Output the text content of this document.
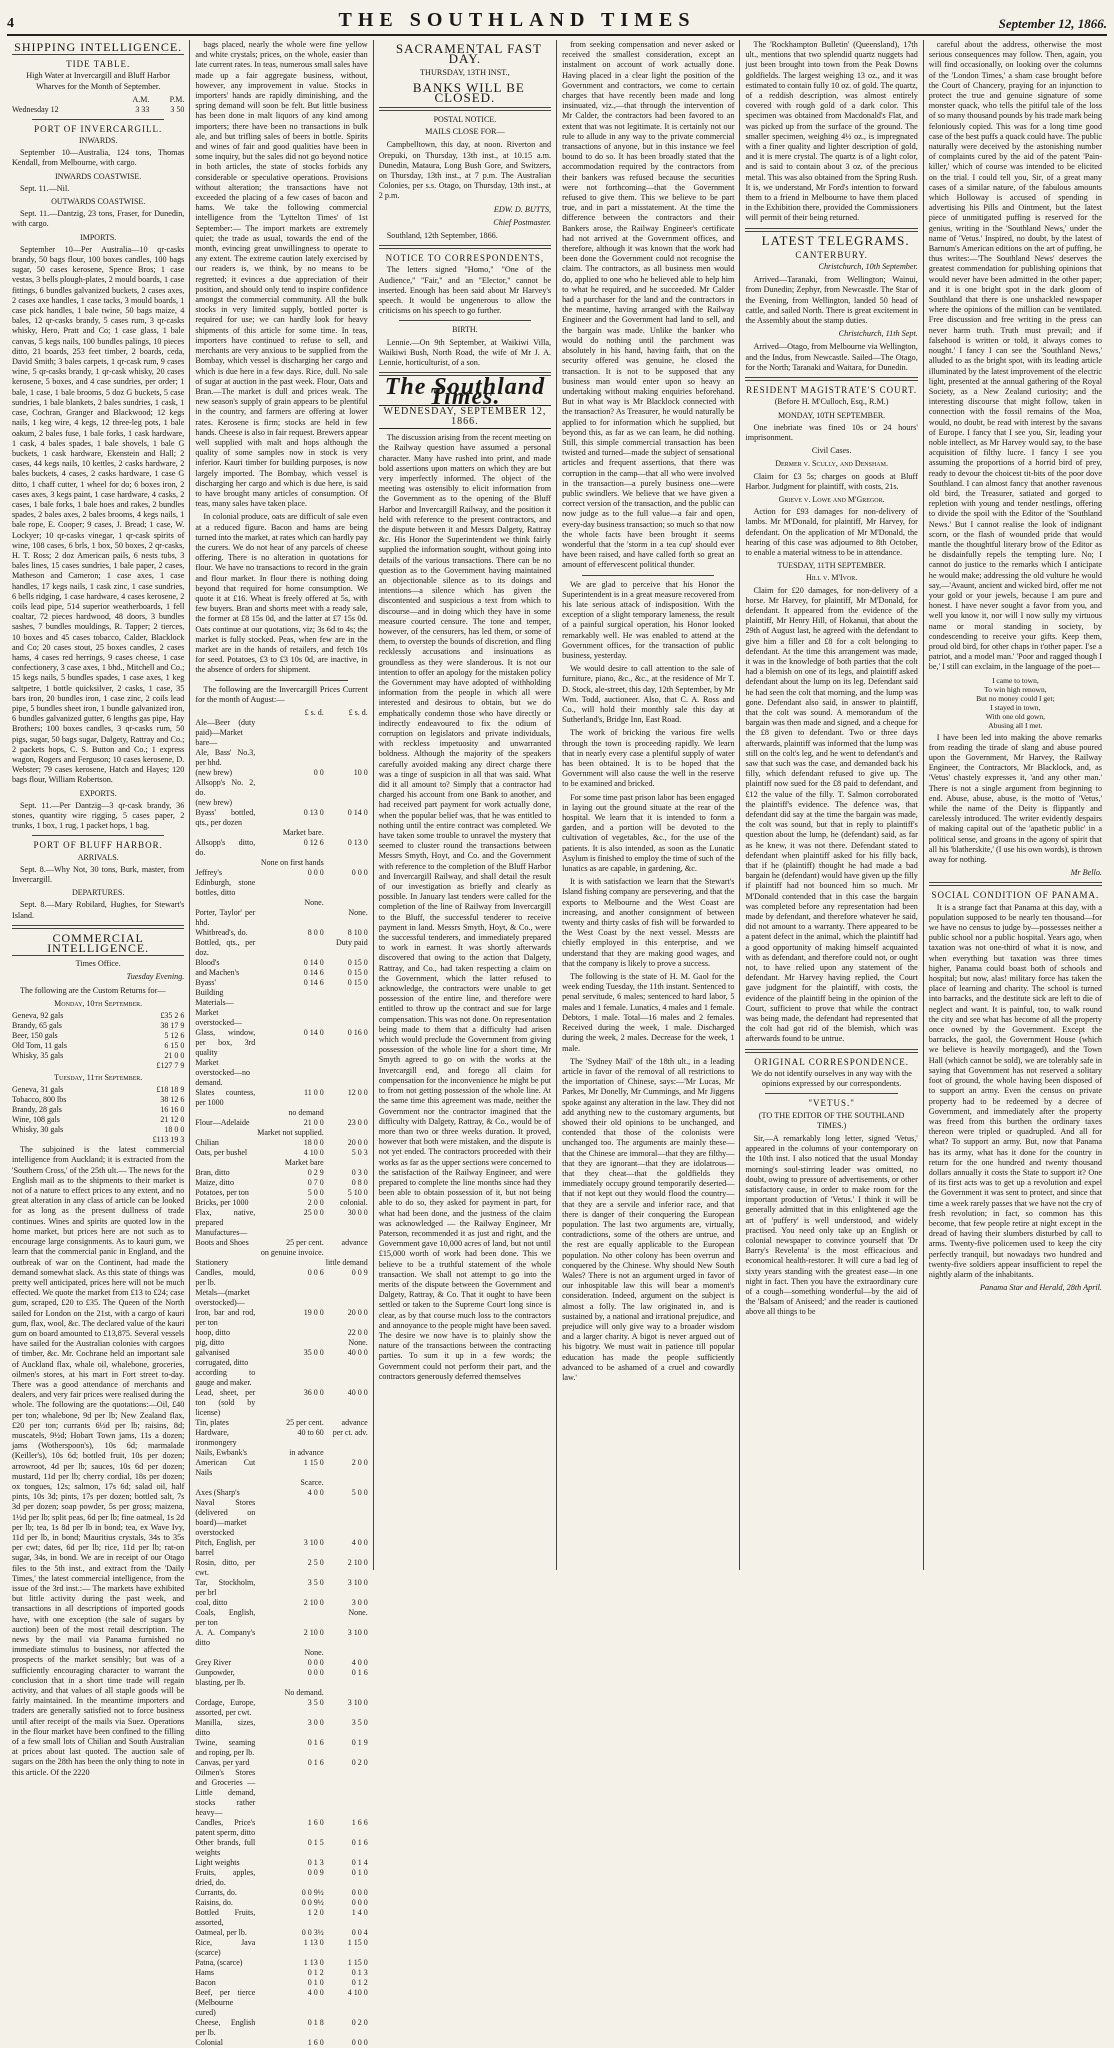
4	THE SOUTHLAND TIMES	September 12, 1866.
SHIPPING INTELLIGENCE.
TIDE TABLE.

High Water at Invercargill and Bluff Harbor Wharves for the Month of September.

	A.M.	P.M.
Wednesday 12	3 33	3 50
PORT OF INVERCARGILL.
INWARDS.

September 10—Australia, 124 tons, Thomas Kendall, from Melbourne, with cargo.

INWARDS COASTWISE.

Sept. 11.—Nil.

OUTWARDS COASTWISE.

Sept. 11.—Dantzig, 23 tons, Fraser, for Dunedin, with cargo.

IMPORTS.

September 10—Per Australia—10 qr-casks brandy, 50 bags flour, 100 boxes candles, 100 bags sugar, 50 cases kerosene, Spence Bros; 1 case vestas, 3 bells plough-plates, 2 mould boards, 1 case fittings, 6 bundles galvanized buckets, 2 cases axes, 2 cases axe handles, 1 case tacks, 3 mould boards, 1 case pick handles, 1 bale twine, 50 bags maize, 4 bales, 12 qr-casks brandy, 5 cases rum, 3 qr-casks whisky, Hero, Pratt and Co; 1 case glass, 1 bale canvas, 5 kegs nails, 100 bundles palings, 10 pieces ditto, 21 boards, 253 feet timber, 2 boards, ceda, David Smith; 3 bales carpets, 1 qr-cask rum, 9 cases wine, 5 qr-casks brandy, 1 qr-cask whisky, 20 cases kerosene, 5 boxes, and 4 case sundries, per order; 1 bale, 1 case, 1 bale brooms, 5 doz G buckets, 5 case sundries, 1 bale blankets, 2 bales sundries, 1 cask, 1 case, Cochran, Granger and Blackwood; 12 kegs nails, 1 keg wire, 4 kegs, 12 three-leg pots, 1 bale oakum, 2 bales fuse, 1 bale forks, 1 cask hardware, 1 cask, 4 bales spades, 1 bale shovels, 1 bale G buckets, 1 cask hardware, Ekenstein and Hall; 2 cases, 44 kegs nails, 10 kettles, 2 casks hardware, 2 bales buckets, 4 cases, 2 casks hardware, 1 case G ditto, 1 chaff cutter, 1 wheel for do; 6 boxes iron, 2 cases axes, 3 kegs paint, 1 case hardware, 4 casks, 2 cases, 1 bale forks, 1 bale hoes and rakes, 2 bundles spades, 2 bales axes, 2 bales brooms, 4 kegs nails, 1 bale rope, E. Cooper; 9 cases, J. Bread; 1 case, W. Lockyer; 10 qr-casks vinegar, 1 qr-cask spirits of wine, 108 cases, 6 brls, 1 box, 50 boxes, 2 qr-casks, H. T. Ross; 2 doz American pails, 6 nests tubs, 3 bales lines, 15 cases sundries, 1 bale paper, 2 cases, Matheson and Cameron; 1 case axes, 1 case handles, 17 kegs nails, 1 cask zinc, 1 case sundries, 6 bells ridging, 1 case hardware, 4 cases kerosene, 2 coils lead pipe, 514 superior weatherboards, 1 fell coaltar, 72 pieces hardwood, 48 doors, 3 bundles sashes, 7 bundles mouldings, R. Tapper; 2 tierces, 10 boxes and 45 cases tobacco, Calder, Blacklock and Co; 20 cases stout, 25 boxes candles, 2 cases hams, 4 cases red herrings, 9 cases cheese, 1 case confectionery, 3 case axes, 1 bhd., Mitchell and Co.; 15 kegs nails, 5 bundles spades, 1 case axes, 1 keg saltpetre, 1 bottle quicksilver, 2 casks, 1 case, 35 bars iron, 20 bundles iron, 1 case zinc, 2 coils lead pipe, 5 bundles sheet iron, 1 bundle galvanized iron, 6 bundles galvanized gutter, 6 lengths gas pipe, Hay Brothers; 100 boxes candles, 3 qr-casks rum, 50 pigs, sugar, 50 bags sugar, Dalgety, Rattray and Co.; 2 packets hops, C. S. Button and Co.; 1 express wagon, Rogers and Ferguson; 10 cases kerosene, D. Webster; 79 cases kerosene, Hatch and Hayes; 120 bags flour, William Robertson.

EXPORTS.

Sept. 11.—Per Dantzig—3 qr-cask brandy, 36 stones, quantity wire rigging, 5 cases paper, 2 trunks, 1 box, 1 rug, 1 packet hops, 1 bag.

PORT OF BLUFF HARBOR.
ARRIVALS.

Sept. 8.—Why Not, 30 tons, Burk, master, from Invercargill.

DEPARTURES.

Sept. 8.—Mary Robilard, Hughes, for Stewart's Island.

COMMERCIAL INTELLIGENCE.

Times Office.

Tuesday Evening.

The following are the Custom Returns for—

Monday, 10th September.
Geneva, 92 gals	£35 2 6
Brandy, 65 gals	38 17 9
Beer, 150 gals	5 12 6
Old Tom, 11 gals	6 15 0
Whisky, 35 gals	21 0 0
	£127 7 9
Tuesday, 11th September.
Geneva, 31 gals	£18 18 9
Tobacco, 800 lbs	38 12 6
Brandy, 28 gals	16 16 0
Wine, 108 gals	21 12 0
Whisky, 30 gals	18 0 0
	£113 19 3

The subjoined is the latest commercial intelligence from Auckland; it is extracted from the 'Southern Cross,' of the 25th ult.— The news for the English mail as to the shipments to their market is not of a nature to effect prices to any extent, and no great alteration in any class of article can be looked for as long as the present dullness of trade continues. Wines and spirits are quoted low in the home market, but prices here are not such as to encourage large consignments. As to kauri gum, we learn that the commercial panic in England, and the outbreak of war on the Continent, had made the demand somewhat slack. As this state of things was pretty well anticipated, prices here will not be much effected. We quote the market from £13 to £24; case gum, scraped, £20 to £35. The Queen of the North sailed for London on the 21st, with a cargo of kauri gum, flax, wool, &c. The declared value of the kauri gum on board amounted to £13,875. Several vessels have sailed for the Australian colonies with cargoes of timber, &c. Mr. Cochrane held an important sale of Auckland flax, whale oil, whalebone, groceries, oilmen's stores, at his mart in Fort street to-day. There was a good attendance of merchants and dealers, and very fair prices were realised during the whole. The following are the quotations:—Oil, £40 per ton; whalebone, 9d per lb; New Zealand flax, £20 per ton; currants 6½d per lb; raisins, 8d; muscatels, 9½d; Hobart Town jams, 11s a dozen; jams (Wotherspoon's), 10s 6d; marmalade (Keiller's), 10s 6d; bottled fruit, 10s per dozen; arrowroot, 4d per lb; sauces, 10s 6d per dozen; mustard, 11d per lb; cherry cordial, 18s per dozen; ox tongues, 12s; salmon, 17s 6d; salad oil, half pints, 10s 3d; pints, 17s per dozen; bottled salt, 7s 3d per dozen; soap powder, 5s per gross; maizena, 1½d per lb; split peas, 6d per lb; fine oatmeal, 1s 2d per lb; tea, 1s 8d per lb in bond; tea, ex Wave Ivy, 11d per lb, in bond; Mauritius crystals, 34s to 35s per cwt; dates, 6d per lb; rice, 11d per lb; rat-on sugar, 34s, in bond. We are in receipt of our Otago files to the 5th inst., and extract from the 'Daily Times,' the latest commercial intelligence, from the issue of the 3rd inst.:— The markets have exhibited but little activity during the past week, and transactions in all descriptions of imported goods have, with one exception (the sale of sugars by auction) been of the most retail description. The news by the mail via Panama furnished no immediate stimulus to business, nor affected the prospects of the market sensibly; but was of a sufficiently encouraging character to warrant the conclusion that in a short time trade will regain activity, and that values of all staple goods will be fairly maintained. In the meantime importers and traders are generally satisfied not to force business until after receipt of the mails via Suez. Operations in the flour market have been confined to the filling of a few small lots of Chilian and South Australian at prices about last quoted. The auction sale of sugars on the 28th has been the only thing to note in this article. Of the 2220

bags placed, nearly the whole were fine yellow and white crystals; prices, on the whole, easier than late current rates. In teas, numerous small sales have made up a fair aggregate business, without, however, any improvement in value. Stocks in importers' hands are rapidly diminishing, and the spring demand will soon be felt. But little business has been done in malt liquors of any kind among importers; there have been no transactions in bulk ale, and but trifling sales of beers in bottle. Spirits and wines of fair and good qualities have been in some inquiry, but the sales did not go beyond notice in both articles, the state of stocks forbids any considerable or speculative operations. Provisions without alteration; the transactions have not exceeded the placing of a few cases of bacon and hams. We take the following commercial intelligence from the 'Lyttelton Times' of 1st September:— The import markets are extremely quiet; the trade as usual, towards the end of the month, evincing great unwillingness to operate to any extent. The extreme caution lately exercised by our readers is, we think, by no means to be regretted; it evinces a due appreciation of their position, and should only tend to inspire confidence amongst the commercial community. All the bulk stocks in very limited supply, bottled porter is required for use; we can hardly look for heavy shipments of this article for some time. In teas, importers have continued to refuse to sell, and merchants are very anxious to be supplied from the Bombay, which vessel is discharging her cargo and which is due here in a few days. Rice, dull. No sale of sugar at auction in the past week. Flour, Oats and Bran.—The market is dull and prices weak. The new season's supply of grain appears to be plentiful in the country, and farmers are offering at lower rates. Kerosene is firm; stocks are held in few hands. Cheese is also in fair request. Brewers appear well supplied with malt and hops although the quality of some samples now in stock is very inferior. Kauri timber for building purposes, is now largely imported. The Bombay, which vessel is discharging her cargo and which is due here, is said to have brought many articles of consumption. Of teas, many sales have taken place.

In colonial produce, oats are difficult of sale even at a reduced figure. Bacon and hams are being turned into the market, at rates which can hardly pay the curers. We do not hear of any parcels of cheese offering. There is no alteration in quotations for flour. We have no transactions to record in the grain and flour market. In flour there is nothing doing beyond that required for home consumption. We quote it at £16. Wheat is freely offered at 5s, with few buyers. Bran and shorts meet with a ready sale, the former at £8 15s 0d, and the latter at £7 15s 0d. Oats continue at our quotations, viz; 3s 6d to 4s; the market is fully stocked. Peas, when few are in the market are in the hands of retailers, and fetch 10s for seed. Potatoes, £3 to £3 10s 0d, are inactive, in the absence of orders for shipment.

The following are the Invercargill Prices Current for the month of August:—

	£ s. d.	£ s. d.
Ale—Beer (duty paid)—Market bare—		
Ale, Bass' No.3, per hhd.		
(new brew)	0 0	10 0
Allsopp's No. 2, do.		
(new brew)		
Byass' bottled, qts., per dozen	0 13 0	0 14 0
	Market bare.	
Allsopp's ditto, do.	0 12 6	0 13 0
	None on first hands	
Jeffrey's Edinburgh, stone bottles, ditto	0 0 0	0 0 0
	None.	
Porter, Taylor' per hhd.		None.
Whitbread's, do.	8 0 0	8 10 0
Bottled, qts., per doz.		Duty paid
Blood's	0 14 0	0 15 0
and Machen's	0 14 6	0 15 0
Byass'	0 14 6	0 15 0
Building Materials—Market overstocked—		
Glass, window, per box, 3rd quality	0 14 0	0 16 0
Market overstocked—no demand.		
Slates countess, per 1000	11 0 0	12 0 0
	no demand	
Flour—Adelaide	21 0 0	23 0 0
	Market not supplied.	
Chilian	18 0 0	20 0 0
Oats, per bushel	4 10 0	5 0 3
	Market bare	
Bran, ditto	0 2 9	0 3 0
Maize, ditto	0 7 0	0 8 0
Potatoes, per ton	5 0 0	5 10 0
Bricks, per 1000	2 0 0	colonial.
Flax, native, prepared	25 0 0	30 0 0
Manufactures—		
Boots and Shoes	25 per cent.	advance
	on genuine invoice.	
Stationery		little demand
Candles, mould, per lb.	0 0 6	0 0 9
Metals—(market overstocked)—		
Iron, bar and rod, per ton	19 0 0	20 0 0
hoop, ditto		22 0 0
pig, ditto		None.
galvanised corrugated, ditto	35 0 0	40 0 0
according to gauge and maker.		
Lead, sheet, per ton (sold by license)	36 0 0	40 0 0
Tin, plates	25 per cent.	advance
Hardware, ironmongery	40 to 60	per ct. adv.
Nails, Ewbank's	in advance	
American Cut Nails	1 15 0	2 0 0
	Scarce.	
Axes (Sharp's	4 0 0	5 0 0
Naval Stores (delivered on board)—market overstocked		
Pitch, English, per barrel	3 10 0	4 0 0
Rosin, ditto, per cwt.	2 5 0	2 10 0
Tar, Stockholm, per brl	3 5 0	3 10 0
coal, ditto	2 10 0	3 0 0
Coals, English, per ton		None.
A. A. Company's ditto	2 10 0	3 10 0
	None.	
Grey River	0 0 0	4 0 0
Gunpowder, blasting, per lb.	0 0 0	0 1 6
	No demand.	
Cordage, Europe, assorted, per cwt.	3 5 0	3 10 0
Manilla, sizes, ditto	3 0 0	3 5 0
Twine, seaming and roping, per lb.	0 1 6	0 1 9
Canvas, per yard	0 1 6	0 2 0
Oilmen's Stores and Groceries — Little demand, stocks rather heavy—		
Candles, Price's patent sperm, ditto	1 6 0	1 6 6
Other brands, full weights	0 1 5	0 1 6
Light weights	0 1 3	0 1 4
Fruits, apples, dried, do.	0 0 9	0 1 0
Currants, do.	0 0 9½	0 0 0
Raisins, do.	0 0 9½	0 0 0
Bottled Fruits, assorted,	1 2 0	1 4 0
Oatmeal, per lb.	0 0 3½	0 0 4
Rice, Java (scarce)	1 13 0	1 15 0
Patna, (scarce)	1 13 0	1 15 0
Hams	0 1 2	0 1 3
Bacon	0 1 0	0 1 2
Beef, per tierce (Melbourne cured)	4 0 0	4 10 0
Cheese, English per lb.	0 1 8	0 2 0
Colonial	1 6 0	0 0 0

SACRAMENTAL FAST DAY.

THURSDAY, 13TH INST.,

BANKS WILL BE CLOSED.

POSTAL NOTICE.

MAILS CLOSE FOR—

Campbelltown, this day, at noon. Riverton and Orepuki, on Thursday, 13th inst., at 10.15 a.m. Dunedin, Mataura, Long Bush Gore, and Switzers, on Thursday, 13th inst., at 7 p.m. The Australian Colonies, per s.s. Otago, on Thursday, 13th inst., at 2 p.m.

EDW. D. BUTTS,

Chief Postmaster.

Southland, 12th September, 1866.

NOTICE TO CORRESPONDENTS,

The letters signed "Homo," "One of the Audience," "Fair," and an "Elector," cannot be inserted. Enough has been said about Mr Harvey's speech. It would be ungenerous to allow the criticisms on his speech to go further.

BIRTH.

Lennie.—On 9th September, at Waikiwi Villa, Waikiwi Bush, North Road, the wife of Mr J. A. Lennie, horticulturist, of a son.

The Southland Times.
WEDNESDAY, SEPTEMBER 12, 1866.

The discussion arising from the recent meeting on the Railway question have assumed a personal character. Many have rushed into print, and made bold assertions upon matters on which they are but very imperfectly informed. The object of the meeting was ostensibly to elicit information from the Government as to the opening of the Bluff Harbor and Invercargill Railway, and the position it held with reference to the present contractors, and the dispute between it and Messrs Dalgety, Rattray &c. His Honor the Superintendent we think fairly supplied the information sought, without going into details of the various transactions. There can be no question as to the Government having maintained an objectionable silence as to its doings and intentions—a silence which has given the discontented and suspicious a text from which to discourse—and in doing which they have in some measure courted censure. The tone and temper, however, of the censurers, has led them, or some of them, to overstep the bounds of discretion, and fling recklessly accusations and insinuations as groundless as they were slanderous. It is not our intention to offer an apology for the mistaken policy the Government may have adopted of withholding information from the people in which all were interested and desirous to obtain, but we do emphatically condemn those who have directly or indirectly endeavoured to fix the odium of corruption on legislators and private individuals, with reckless impetuosity and unwarranted boldness. Although the majority of the speakers carefully avoided making any direct charge there was a tinge of suspicion in all that was said. What did it all amount to? Simply that a contractor had charged his account from one Bank to another, and had received part payment for work actually done, when the popular belief was, that he was entitled to nothing until the entire contract was completed. We have taken some trouble to unravel the mystery that seemed to cluster round the transactions between Messrs Smyth, Hoyt, and Co. and the Government with reference to the completion of the Bluff Harbor and Invercargill Railway, and shall detail the result of our investigation as briefly and clearly as possible. In January last tenders were called for the completion of the line of Railway from Invercargill to the Bluff, the successful tenderer to receive payment in land. Messrs Smyth, Hoyt, & Co., were the successful tenderers, and immediately prepared to work in earnest. It was shortly afterwards discovered that owing to the action that Dalgety, Rattray, and Co., had taken respecting a claim on the Government, which the latter refused to acknowledge, the contractors were unable to get possession of the entire line, and therefore were entitled to throw up the contract and sue for large compensation. This was not done. On representation being made to them that a difficulty had arisen which would preclude the Government from giving possession of the whole line for a short time, Mr Smyth agreed to go on with the works at the Invercargill end, and forego all claim for compensation for the inconvenience he might be put to from not getting possession of the whole line. At the same time this agreement was made, neither the Government nor the contractor imagined that the difficulty with Dalgety, Rattray, & Co., would be of more than two or three weeks duration. It proved, however that both were mistaken, and the dispute is not yet ended. The contractors proceeded with their works as far as the upper sections were concerned to the satisfaction of the Railway Engineer, and were prepared to complete the line months since had they been able to obtain possession of it, but not being able to do so, they asked for payment in part, for what had been done, and the justness of the claim was acknowledged — the Railway Engineer, Mr Paterson, recommended it as just and right, and the Government gave 10,000 acres of land, but not until £15,000 worth of work had been done. This we believe to be a truthful statement of the whole transaction. We shall not attempt to go into the merits of the dispute between the Government and Dalgety, Rattray, & Co. That it ought to have been settled or taken to the Supreme Court long since is clear, as by that course much loss to the contractors and annoyance to the people might have been saved. The desire we now have is to plainly show the nature of the transactions between the contracting parties. To sum it up in a few words; the Government could not perform their part, and the contractors generously deferred themselves

from seeking compensation and never asked or received the smallest consideration, except an instalment on account of work actually done. Having placed in a clear light the position of the Government and contractors, we come to certain charges that have recently been made and long insinuated, viz.,—that through the intervention of Mr Calder, the contractors had been favored to an extent that was not legitimate. It is certainly not our rule to allude in any way to the private commercial transactions of anyone, but in this instance we feel bound to do so. It has been broadly stated that the accommodation required by the contractors from their bankers was refused because the securities were not forthcoming—that the Government refused to give them. This we believe to be part true, and in part a misstatement. At the time the difference between the contractors and their Bankers arose, the Railway Engineer's certificate had not arrived at the Government offices, and therefore, although it was known that the work had been done the Government could not recognise the claim. The contractors, as all business men would do, applied to one who he believed able to help him to what he required, and he succeeded. Mr Calder had a purchaser for the land and the contractors in the meantime, having arranged with the Railway Engineer and the Government had land to sell, and the bargain was made. Unlike the banker who would do nothing until the parchment was absolutely in his hand, having faith, that on the security offered was genuine, he closed the transaction. It is not to be supposed that any business man would enter upon so heavy an undertaking without making enquiries beforehand. But in what way is Mr Blacklock connected with the transaction? As Treasurer, he would naturally be applied to for information which he supplied, but beyond this, as far as we can learn, he did nothing. Still, this simple commercial transaction has been twisted and turned—made the subject of sensational articles and frequent assertions, that there was corruption in the camp—that all who were involved in the transaction—a purely business one—were public swindlers. We believe that we have given a correct version of the transaction, and the public can now judge as to the full value—a fair and open, every-day business transaction; so much so that now the whole facts have been brought it seems wonderful that the 'storm in a tea cup' should ever have been raised, and have called forth so great an amount of effervescent political thunder.

We are glad to perceive that his Honor the Superintendent is in a great measure recovered from his late serious attack of indisposition. With the exception of a slight temporary lameness, the result of a painful surgical operation, his Honor looked remarkably well. He was enabled to attend at the Government offices, for the transaction of public business, yesterday.

We would desire to call attention to the sale of furniture, piano, &c., &c., at the residence of Mr T. D. Stock, ale-street, this day, 12th September, by Mr Wm. Todd, auctioneer. Also, that C. A. Ross and Co., will hold their monthly sale this day at Sutherland's, Bridge Inn, East Road.

The work of bricking the various fire wells through the town is proceeding rapidly. We learn that in nearly every case a plentiful supply of water has been obtained. It is to be hoped that the Government will also cause the well in the reserve to be examined and bricked.

For some time past prison labor has been engaged in laying out the ground situate at the rear of the hospital. We learn that it is intended to form a garden, and a portion will be devoted to the cultivation of vegetables, &c., for the use of the patients. It is also intended, as soon as the Lunatic Asylum is finished to employ the time of such of the lunatics as are capable, in gardening, &c.

It is with satisfaction we learn that the Stewart's Island fishing company are persevering, and that the exports to Melbourne and the West Coast are increasing, and another consignment of between twenty and thirty casks of fish will be forwarded to the West Coast by the next vessel. Messrs are chiefly employed in this enterprise, and we understand that they are making good wages, and that the company is likely to prove a success.

The following is the state of H. M. Gaol for the week ending Tuesday, the 11th instant. Sentenced to penal servitude, 6 males; sentenced to hard labor, 5 males and 1 female. Lunatics, 4 males and 1 female. Debtors, 1 male. Total—16 males and 2 females. Received during the week, 1 male. Discharged during the week, 2 males. Decrease for the week, 1 male.

The 'Sydney Mail' of the 18th ult., in a leading article in favor of the removal of all restrictions to the importation of Chinese, says:—'Mr Lucas, Mr Parkes, Mr Donelly, Mr Cummings, and Mr Jiggens spoke against any alteration in the law. They did not add anything new to the customary arguments, but showed their old opinions to be unchanged, and contended that those of the colonists were unchanged too. The arguments are mainly these—that the Chinese are immoral—that they are filthy—that they are ignorant—that they are idolatrous—that they cheat—that the goldfields they immediately occupy ground temporarily deserted—that if not kept out they would flood the country—that they are a servile and inferior race, and that there is danger of their conquering the European population. The last two arguments are, virtually, contradictions, some of the others are untrue, and the rest are equally applicable to the European population. No other colony has been overrun and conquered by the Chinese. Why should New South Wales? There is not an argument urged in favor of our inhospitable law this will bear a moment's consideration. Indeed, argument on the subject is almost a folly. The law originated in, and is sustained by, a national and irrational prejudice, and prejudice will only give way to a broader wisdom and a larger charity. A bigot is never argued out of his bigotry. We must wait in patience till popular education has made the people sufficiently advanced to be ashamed of a cruel and cowardly law.'

The 'Rockhampton Bulletin' (Queensland), 17th ult., mentions that two splendid quartz nuggets had just been brought into town from the Peak Downs goldfields. The largest weighing 13 oz., and it was estimated to contain fully 10 oz. of gold. The quartz, of a reddish description, was almost entirely covered with rough gold of a dark color. This specimen was obtained from Macdonald's Flat, and was picked up from the surface of the ground. The smaller specimen, weighing 4½ oz., is impregnated with a finer quality and lighter description of gold, and it is mere crystal. The quartz is of a light color, and is said to contain about 3 oz. of the precious metal. This was also obtained from the Spring Rush. It is, we understand, Mr Ford's intention to forward them to a friend in Melbourne to have them placed in the Exhibition there, provided the Commissioners will permit of their being returned.

LATEST TELEGRAMS.

CANTERBURY.

Christchurch, 10th September.

Arrived—Taranaki, from Wellington; Wainui, from Dunedin; Zephyr, from Newcastle. The Star of the Evening, from Wellington, landed 50 head of cattle, and sailed North. There is great excitement in the Assembly about the stamp duties.

Christchurch, 11th Sept.

Arrived—Otago, from Melbourne via Wellington, and the Indus, from Newcastle. Sailed—The Otago, for the North; Taranaki and Waitara, for Dunedin.

RESIDENT MAGISTRATE'S COURT.

(Before H. M'Culloch, Esq., R.M.)

MONDAY, 10TH SEPTEMBER.

One inebriate was fined 10s or 24 hours' imprisonment.

Civil Cases.

Dermer v. Scully, and Densham.

Claim for £3 5s; charges on goods at Bluff Harbor. Judgment for plaintiff, with costs, 21s.

Grieve v. Lowe and M'Gregor.

Action for £93 damages for non-delivery of lambs. Mr M'Donald, for plaintiff, Mr Harvey, for defendant. On the application of Mr M'Donald, the hearing of this case was adjourned to 8th October, to enable a material witness to be in attendance.

TUESDAY, 11TH SEPTEMBER.
Hill v. M'Ivor.

Claim for £20 damages, for non-delivery of a horse. Mr Harvey, for plaintiff, Mr M'Donald, for defendant. It appeared from the evidence of the plaintiff, Mr Henry Hill, of Hokanui, that about the 29th of August last, he agreed with the defendant to give him a filler and £8 for a colt belonging to defendant. At the time this arrangement was made, it was in the knowledge of both parties that the colt had a blemish on one of its legs, and plaintiff asked defendant about the lump on its leg. Defendant said he had seen the colt that morning, and the lump was gone. Defendant also said, in answer to plaintiff, that the colt was sound. A memorandum of the bargain was then made and signed, and a cheque for the £8 given to defendant. Two or three days afterwards, plaintiff was informed that the lump was still on the colt's leg, and he went to defendant's and saw that such was the case, and demanded back his filly, which defendant refused to give up. The plaintiff now sued for the £8 paid to defendant, and £12 the value of the filly. T. Salmon corroborated the plaintiff's evidence. The defence was, that defendant did say at the time the bargain was made, the colt was sound, but that in reply to plaintiff's question about the lump, he (defendant) said, as far as he knew, it was not there. Defendant stated to defendant when plaintiff asked for his filly back, that if he (plaintiff) thought he had made a bad bargain he (defendant) would have given up the filly if plaintiff had not bounced him so much. Mr M'Donald contended that in this case the bargain was completed before any representation had been made by defendant, and therefore whatever he said, did not amount to a warranty. There appeared to be a patent defect in the animal, which the plaintiff had a good opportunity of making himself acquainted with as defendant, and therefore could not, or ought not, to have relied upon any statement of the defendant. Mr Harvey having replied, the Court gave judgment for the plaintiff, with costs, the evidence of the plaintiff being in the opinion of the Court, sufficient to prove that while the contract was being made, the defendant had represented that the colt had got rid of the blemish, which was afterwards found to be untrue.

ORIGINAL CORRESPONDENCE.

We do not identify ourselves in any way with the opinions expressed by our correspondents.

"VETUS."

(TO THE EDITOR OF THE SOUTHLAND TIMES.)

Sir,—A remarkably long letter, signed 'Vetus,' appeared in the columns of your contemporary on the 10th inst. I also noticed that the usual Monday morning's soul-stirring leader was omitted, no doubt, owing to pressure of advertisements, or other satisfactory cause, in order to make room for the important production of 'Vetus.' I think it will be generally admitted that in this enlightened age the art of 'puffery' is well understood, and widely practised. You need only take up an English or colonial newspaper to convince yourself that 'Dr Barry's Revelenta' is the most efficacious and economical health-restorer. It will cure a bad leg of sixty years standing with the greatest ease—in one night in fact. Then you have the extraordinary cure of a cough—something wonderful—by the aid of the 'Balsam of Aniseed;' and the reader is cautioned above all things to be

careful about the address, otherwise the most serious consequences may follow. Then, again, you will find occasionally, on looking over the columns of the 'London Times,' a sham case brought before the Court of Chancery, praying for an injunction to protect the true and genuine signature of some monster quack, who tells the pitiful tale of the loss of so many thousand pounds by his trade mark being feloniously copied. This was for a long time good case of the best puffs a quack could have. The public naturally were deceived by the astonishing number of complaints cured by the aid of the patent 'Pain-killer,' which of course was intended to be elicited on the trial. I could tell you, Sir, of a great many cases of a similar nature, of the fabulous amounts which Holloway is accused of spending in advertising his Pills and Ointment, but the latest piece of unmitigated puffing is reserved for the genius, writing in the 'Southland News,' under the name of 'Vetus.' Inspired, no doubt, by the latest of Barnum's American editions on the art of puffing, he thus writes:—'The Southland News' deserves the greatest commendation for publishing opinions that would never have been admitted in the other paper; and it is one bright spot in the dark gloom of Southland that there is one unshackled newspaper where the opinions of the million can be ventilated. Free discussion and free writing in the press can never harm truth. Truth must prevail; and if falsehood is written or told, it always comes to nought.' I fancy I can see the 'Southland News,' alluded to as the bright spot, with its leading article illuminated by the latest improvement of the electric light, presented at the annual gathering of the Royal Society, as a New Zealand curiosity; and the interesting discourse that might follow, taken in connection with the fossil remains of the Moa, would, no doubt, be read with interest by the savans of Europe. I fancy that I see you, Sir, leading your noble intellect, as Mr Harvey would say, to the base acquisition of filthy lucre. I fancy I see you assuming the proportions of a horrid bird of prey, ready to devour the choicest tit-bits of the poor dove Southland. I can almost fancy that another ravenous old bird, the Treasurer, satiated and gorged to repletion with young and tender nestlings, offering to divide the spoil with the Editor of the 'Southland News.' But I cannot realise the look of indignant scorn, or the flash of wounded pride that would mantle the thoughtful literary brow of the Editor as he disdainfully repels the tempting lure. No; I cannot do justice to the remarks which I anticipate he would make; addressing the old vulture he would say,—'Avaunt, ancient and wicked bird, offer me not your gold or your jewels, because I am pure and honest. I have never sought a favor from you, and well you know it, nor will I now sully my virtuous name or moral standing in society, by condescending to receive your gifts. Keep them, proud old bird, for other chaps in t'other paper. I'se a patriot, and a model man.' 'Poor and ragged though I be,' I still can exclaim, in the language of the poet—

I came to town,
To win high renown,
But no money could I get;
I stayed in town,
With one old gown,
Abusing all I met.

I have been led into making the above remarks from reading the tirade of slang and abuse poured upon the Government, Mr Harvey, the Railway Engineer, the Contractors, Mr Blacklock, and, as 'Vetus' chastely expresses it, 'and any other man.' There is not a single argument from beginning to end. Abuse, abuse, abuse, is the motto of 'Vetus,' while the name of the Deity is flippantly and carelessly introduced. The writer evidently despairs of making capital out of the 'apathetic public' in a political sense, and groans in the agony of spirit that all his 'blatherskite,' (I use his own words), is thrown away for nothing.

Mr Bello.

SOCIAL CONDITION OF PANAMA.

It is a strange fact that Panama at this day, with a population supposed to be nearly ten thousand—for we have no census to judge by—possesses neither a public school nor a public hospital. Years ago, when taxation was not one-third of what it is now, and when everything but taxation was three times higher, Panama could boast both of schools and hospital; but now, alas! military force has taken the place of learning and charity. The school is turned into barracks, and the destitute sick are left to die of neglect and want. It is painful, too, to walk round the city and see what has become of all the property once owned by the Government. Except the barracks, the gaol, the Government House (which we believe is heavily mortgaged), and the Town Hall (which cannot be sold), we are tolerably safe in saying that Government has not reserved a solitary foot of ground, the whole having been disposed of to support an army. Even the census on private property had to be redeemed by a decree of Government, and immediately after the property was freed from this burthen the ordinary taxes thereon were tripled or quadrupled. And all for what? To support an army. But, now that Panama has its army, what has it done for the country in return for the one hundred and twenty thousand dollars annually it costs the State to support it? One of its first acts was to get up a revolution and expel the Government it was sent to protect, and since that time a week rarely passes that we have not the cry of fresh revolution; in fact, so common has this become, that few people retire at night except in the dread of having their slumbers disturbed by call to arms. Twenty-five policemen used to keep the city perfectly tranquil, but nowadays two hundred and twenty-five soldiers appear insufficient to repel the nightly alarm of the inhabitants.

Panama Star and Herald, 28th April.
